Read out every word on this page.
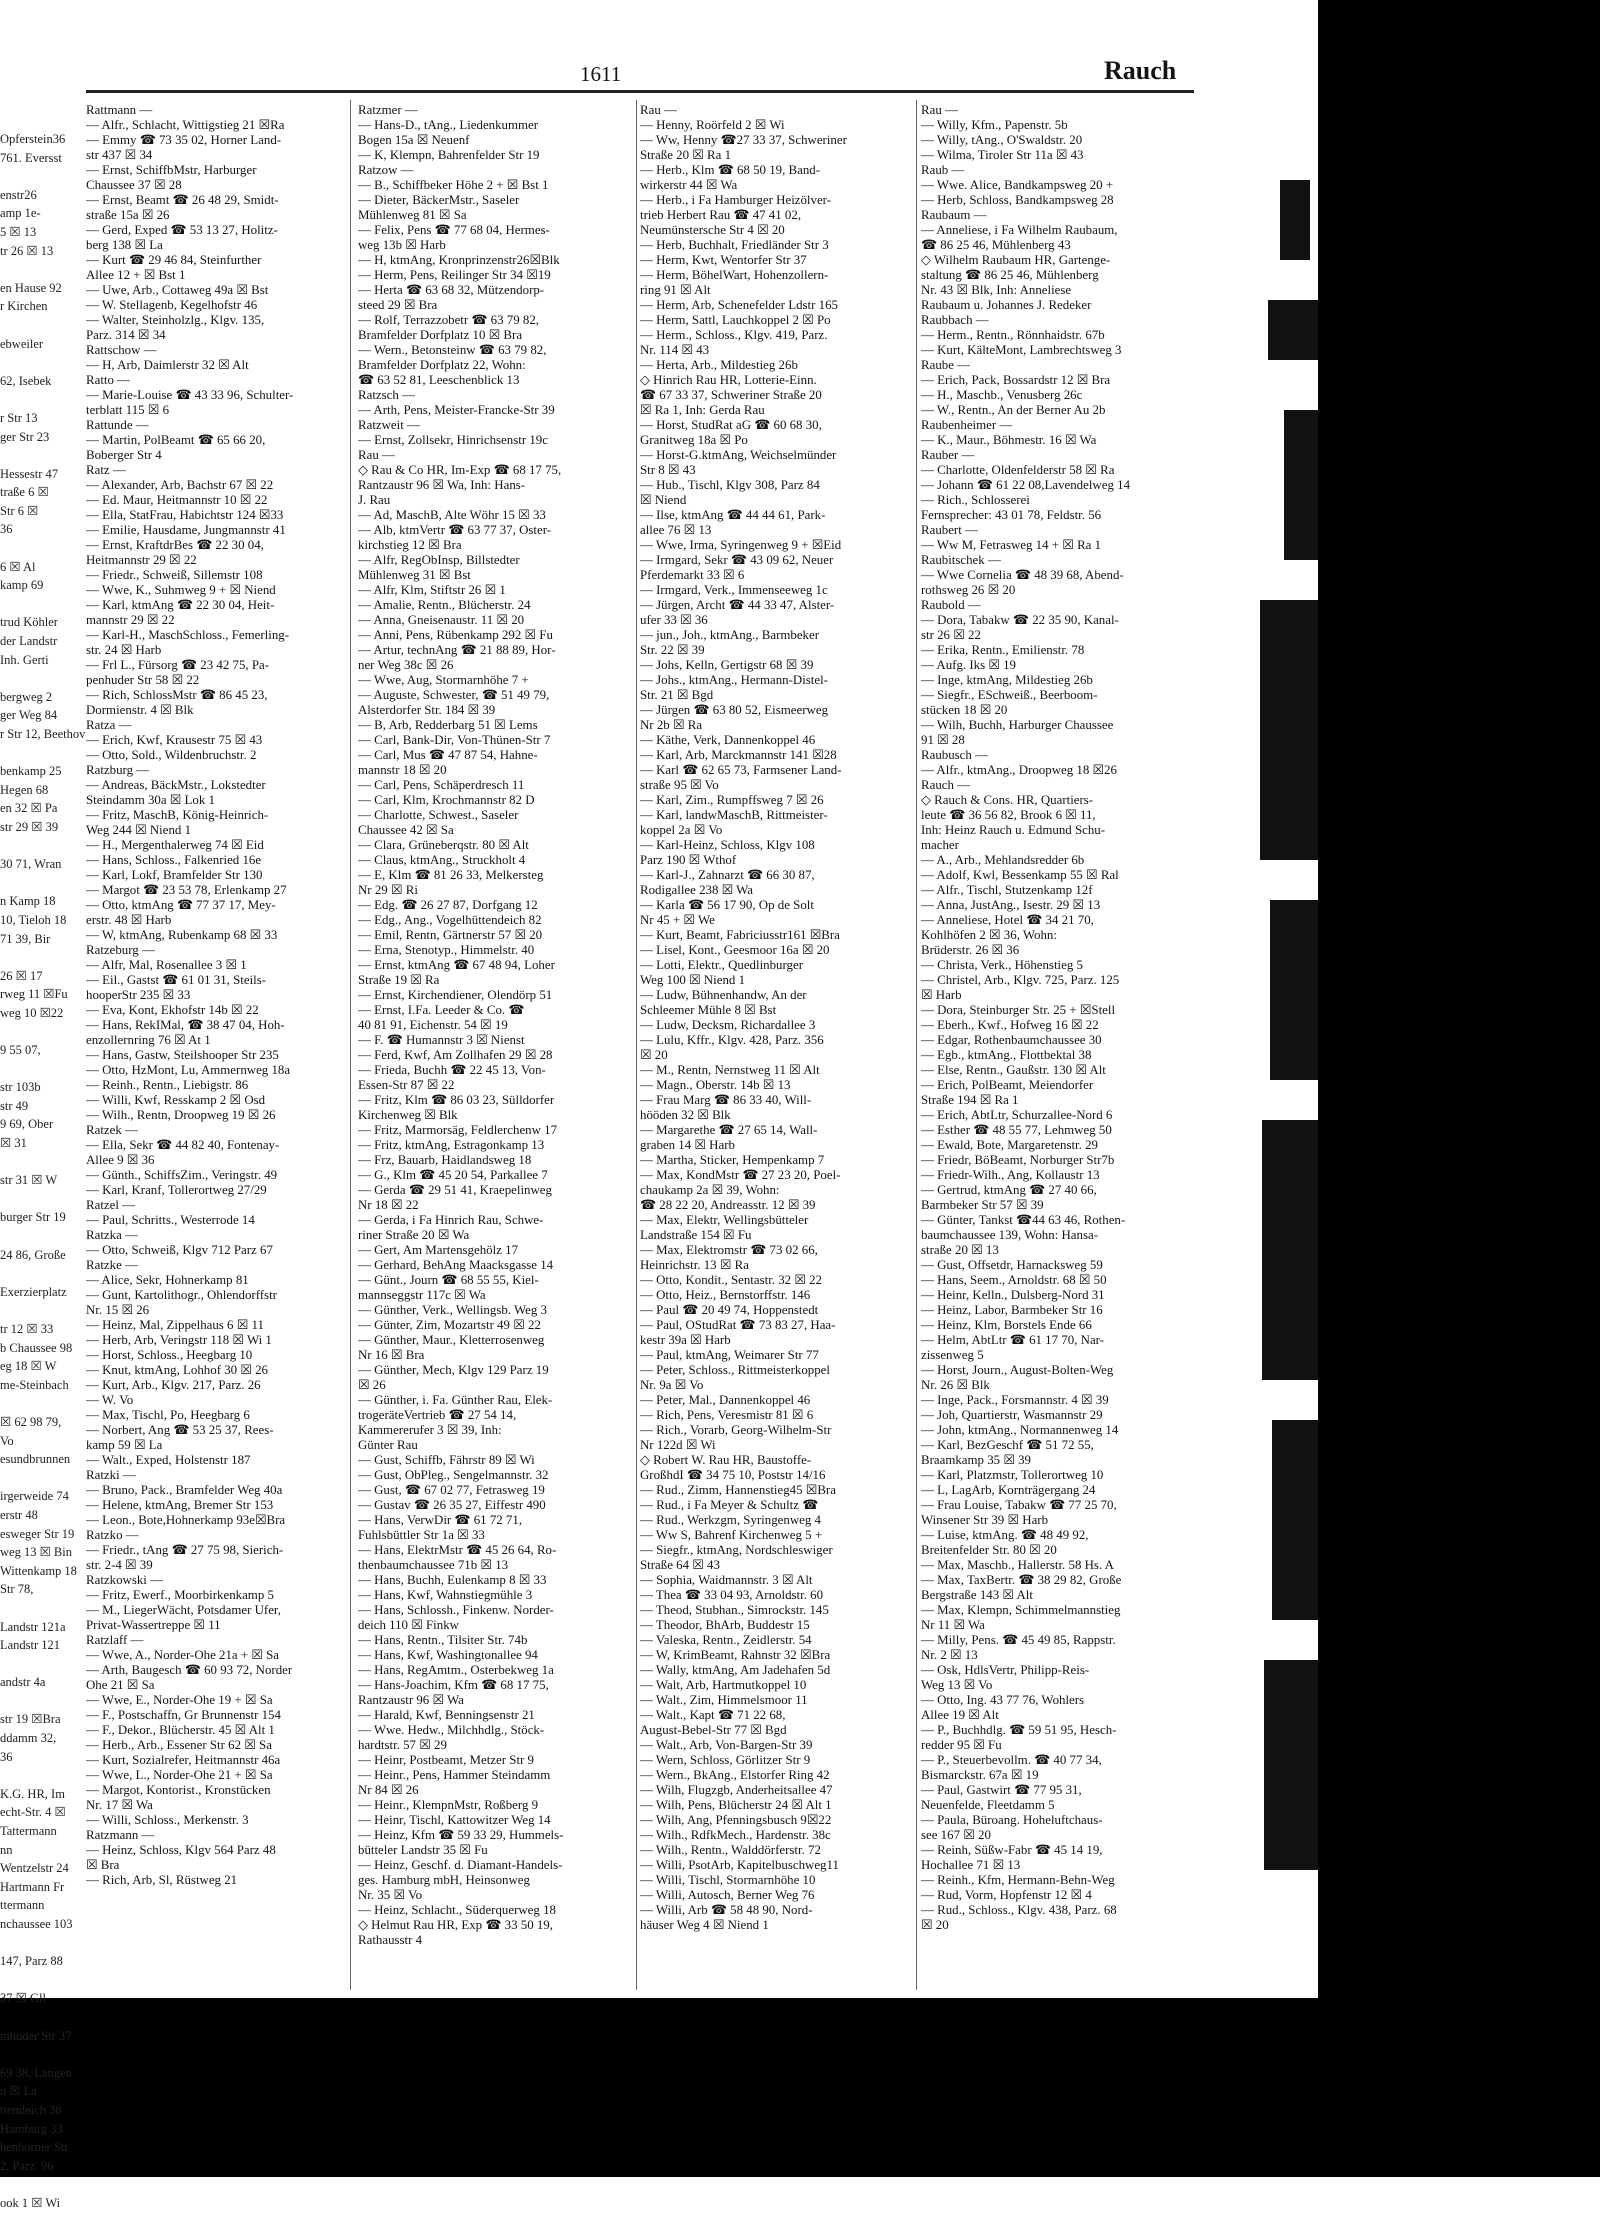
Opferstein36
761. Eversst

enstr26
amp 1e-
5 ☒ 13
tr 26 ☒ 13

en Hause 92
r Kirchen

ebweiler

62, Isebek

r Str 13
ger Str 23

Hessestr 47
traße 6 ☒
Str 6 ☒
36

6 ☒ Al
kamp 69

trud Köhler
der Landstr
Inh. Gerti

bergweg 2
ger Weg 84
r Str 12, Beethov

benkamp 25
Hegen 68
en 32 ☒ Pa
str 29 ☒ 39

30 71, Wran

n Kamp 18
10, Tieloh 18
71 39, Bir

26 ☒ 17
rweg 11 ☒Fu
weg 10 ☒22

9 55 07,

str 103b
str 49
9 69, Ober
☒ 31

str 31 ☒ W

burger Str 19

24 86, Große

Exerzierplatz

tr 12 ☒ 33
b Chaussee 98
eg 18 ☒ W
me-Steinbach

☒ 62 98 79,
Vo
esundbrunnen

irgerweide 74
erstr 48
esweger Str 19
weg 13 ☒ Bin
Wittenkamp 18
Str 78,

Landstr 121a
Landstr 121

andstr 4a

str 19 ☒Bra
ddamm 32,
36

K.G. HR, Im
echt-Str. 4 ☒
Tattermann
nn
Wentzelstr 24
Hartmann Fr
ttermann
nchaussee 103

147, Parz 88

37 ☒ Gll

mhuder Str 37

69 38, Langen
n ☒ La
ttendeich 38
Hamburg 33
henhorner Str
2, Parz. 96

ook 1 ☒ Wi
1611	Rauch
Rattmann —
— Alfr., Schlacht, Wittigstieg 21 ☒Ra
— Emmy ☎ 73 35 02, Horner Land-
str 437 ☒ 34
— Ernst, SchiffbMstr, Harburger
Chaussee 37 ☒ 28
— Ernst, Beamt ☎ 26 48 29, Smidt-
straße 15a ☒ 26
— Gerd, Exped ☎ 53 13 27, Holitz-
berg 138 ☒ La
— Kurt ☎ 29 46 84, Steinfurther
Allee 12 + ☒ Bst 1
— Uwe, Arb., Cottaweg 49a ☒ Bst
— W. Stellagenb, Kegelhofstr 46
— Walter, Steinholzlg., Klgv. 135,
Parz. 314 ☒ 34
Rattschow —
— H, Arb, Daimlerstr 32 ☒ Alt
Ratto —
— Marie-Louise ☎ 43 33 96, Schulter-
terblatt 115 ☒ 6
Rattunde —
— Martin, PolBeamt ☎ 65 66 20,
Boberger Str 4
Ratz —
— Alexander, Arb, Bachstr 67 ☒ 22
— Ed. Maur, Heitmannstr 10 ☒ 22
— Ella, StatFrau, Habichtstr 124 ☒33
— Emilie, Hausdame, Jungmannstr 41
— Ernst, KraftdrBes ☎ 22 30 04,
Heitmannstr 29 ☒ 22
— Friedr., Schweiß, Sillemstr 108
— Wwe, K., Suhmweg 9 + ☒ Niend
— Karl, ktmAng ☎ 22 30 04, Heit-
mannstr 29 ☒ 22
— Karl-H., MaschSchloss., Femerling-
str. 24 ☒ Harb
— Frl L., Fürsorg ☎ 23 42 75, Pa-
penhuder Str 58 ☒ 22
— Rich, SchlossMstr ☎ 86 45 23,
Dormienstr. 4 ☒ Blk
Ratza —
— Erich, Kwf, Krausestr 75 ☒ 43
— Otto, Sold., Wildenbruchstr. 2
Ratzburg —
— Andreas, BäckMstr., Lokstedter
Steindamm 30a ☒ Lok 1
— Fritz, MaschB, König-Heinrich-
Weg 244 ☒ Niend 1
— H., Mergenthalerweg 74 ☒ Eid
— Hans, Schloss., Falkenried 16e
— Karl, Lokf, Bramfelder Str 130
— Margot ☎ 23 53 78, Erlenkamp 27
— Otto, ktmAng ☎ 77 37 17, Mey-
erstr. 48 ☒ Harb
— W, ktmAng, Rubenkamp 68 ☒ 33
Ratzeburg —
— Alfr, Mal, Rosenallee 3 ☒ 1
— Eil., Gastst ☎ 61 01 31, Steils-
hooperStr 235 ☒ 33
— Eva, Kont, Ekhofstr 14b ☒ 22
— Hans, RekIMal, ☎ 38 47 04, Hoh-
enzollernring 76 ☒ At 1
— Hans, Gastw, Steilshooper Str 235
— Otto, HzMont, Lu, Ammernweg 18a
— Reinh., Rentn., Liebigstr. 86
— Willi, Kwf, Resskamp 2 ☒ Osd
— Wilh., Rentn, Droopweg 19 ☒ 26
Ratzek —
— Ella, Sekr ☎ 44 82 40, Fontenay-
Allee 9 ☒ 36
— Günth., SchiffsZim., Veringstr. 49
— Karl, Kranf, Tollerortweg 27/29
Ratzel —
— Paul, Schritts., Westerrode 14
Ratzka —
— Otto, Schweiß, Klgv 712 Parz 67
Ratzke —
— Alice, Sekr, Hohnerkamp 81
— Gunt, Kartolithogr., Ohlendorffstr
Nr. 15 ☒ 26
— Heinz, Mal, Zippelhaus 6 ☒ 11
— Herb, Arb, Veringstr 118 ☒ Wi 1
— Horst, Schloss., Heegbarg 10
— Knut, ktmAng, Lohhof 30 ☒ 26
— Kurt, Arb., Klgv. 217, Parz. 26
— W. Vo
— Max, Tischl, Po, Heegbarg 6
— Norbert, Ang ☎ 53 25 37, Rees-
kamp 59 ☒ La
— Walt., Exped, Holstenstr 187
Ratzki —
— Bruno, Pack., Bramfelder Weg 40a
— Helene, ktmAng, Bremer Str 153
— Leon., Bote,Hohnerkamp 93e☒Bra
Ratzko —
— Friedr., tAng ☎ 27 75 98, Sierich-
str. 2-4 ☒ 39
Ratzkowski —
— Fritz, Ewerf., Moorbirkenkamp 5
— M., LiegerWächt, Potsdamer Ufer,
Privat-Wassertreppe ☒ 11
Ratzlaff —
— Wwe, A., Norder-Ohe 21a + ☒ Sa
— Arth, Baugesch ☎ 60 93 72, Norder
Ohe 21 ☒ Sa
— Wwe, E., Norder-Ohe 19 + ☒ Sa
— F., Postschaffn, Gr Brunnenstr 154
— F., Dekor., Blücherstr. 45 ☒ Alt 1
— Herb., Arb., Essener Str 62 ☒ Sa
— Kurt, Sozialrefer, Heitmannstr 46a
— Wwe, L., Norder-Ohe 21 + ☒ Sa
— Margot, Kontorist., Kronstücken
Nr. 17 ☒ Wa
— Willi, Schloss., Merkenstr. 3
Ratzmann —
— Heinz, Schloss, Klgv 564 Parz 48
☒ Bra
— Rich, Arb, Sl, Rüstweg 21
Ratzmer —
— Hans-D., tAng., Liedenkummer
Bogen 15a ☒ Neuenf
— K, Klempn, Bahrenfelder Str 19
Ratzow —
— B., Schiffbeker Höhe 2 + ☒ Bst 1
— Dieter, BäckerMstr., Saseler
Mühlenweg 81 ☒ Sa
— Felix, Pens ☎ 77 68 04, Hermes-
weg 13b ☒ Harb
— H, ktmAng, Kronprinzenstr26☒Blk
— Herm, Pens, Reilinger Str 34 ☒19
— Herta ☎ 63 68 32, Mützendorp-
steed 29 ☒ Bra
— Rolf, Terrazzobetr ☎ 63 79 82,
Bramfelder Dorfplatz 10 ☒ Bra
— Wern., Betonsteinw ☎ 63 79 82,
Bramfelder Dorfplatz 22, Wohn:
☎ 63 52 81, Leeschenblick 13
Ratzsch —
— Arth, Pens, Meister-Francke-Str 39
Ratzweit —
— Ernst, Zollsekr, Hinrichsenstr 19c
Rau —
◇ Rau & Co HR, Im-Exp ☎ 68 17 75,
Rantzaustr 96 ☒ Wa, Inh: Hans-
J. Rau
— Ad, MaschB, Alte Wöhr 15 ☒ 33
— Alb, ktmVertr ☎ 63 77 37, Oster-
kirchstieg 12 ☒ Bra
— Alfr, RegObInsp, Billstedter
Mühlenweg 31 ☒ Bst
— Alfr, Klm, Stiftstr 26 ☒ 1
— Amalie, Rentn., Blücherstr. 24
— Anna, Gneisenaustr. 11 ☒ 20
— Anni, Pens, Rübenkamp 292 ☒ Fu
— Artur, technAng ☎ 21 88 89, Hor-
ner Weg 38c ☒ 26
— Wwe, Aug, Stormarnhöhe 7 +
— Auguste, Schwester, ☎ 51 49 79,
Alsterdorfer Str. 184 ☒ 39
— B, Arb, Redderbarg 51 ☒ Lems
— Carl, Bank-Dir, Von-Thünen-Str 7
— Carl, Mus ☎ 47 87 54, Hahne-
mannstr 18 ☒ 20
— Carl, Pens, Schäperdresch 11
— Carl, Klm, Krochmannstr 82 D
— Charlotte, Schwest., Saseler
Chaussee 42 ☒ Sa
— Clara, Grüneberqstr. 80 ☒ Alt
— Claus, ktmAng., Struckholt 4
— E, Klm ☎ 81 26 33, Melkersteg
Nr 29 ☒ Ri
— Edg. ☎ 26 27 87, Dorfgang 12
— Edg., Ang., Vogelhüttendeich 82
— Emil, Rentn, Gärtnerstr 57 ☒ 20
— Erna, Stenotyp., Himmelstr. 40
— Ernst, ktmAng ☎ 67 48 94, Loher
Straße 19 ☒ Ra
— Ernst, Kirchendiener, Olendörp 51
— Ernst, I.Fa. Leeder & Co. ☎
40 81 91, Eichenstr. 54 ☒ 19
— F. ☎ Humannstr 3 ☒ Nienst
— Ferd, Kwf, Am Zollhafen 29 ☒ 28
— Frieda, Buchh ☎ 22 45 13, Von-
Essen-Str 87 ☒ 22
— Fritz, Klm ☎ 86 03 23, Sülldorfer
Kirchenweg ☒ Blk
— Fritz, Marmorsäg, Feldlerchenw 17
— Fritz, ktmAng, Estragonkamp 13
— Frz, Bauarb, Haidlandsweg 18
— G., Klm ☎ 45 20 54, Parkallee 7
— Gerda ☎ 29 51 41, Kraepelinweg
Nr 18 ☒ 22
— Gerda, i Fa Hinrich Rau, Schwe-
riner Straße 20 ☒ Wa
— Gert, Am Martensgehölz 17
— Gerhard, BehAng Maacksgasse 14
— Günt., Journ ☎ 68 55 55, Kiel-
mannseggstr 117c ☒ Wa
— Günther, Verk., Wellingsb. Weg 3
— Günter, Zim, Mozartstr 49 ☒ 22
— Günther, Maur., Kletterrosenweg
Nr 16 ☒ Bra
— Günther, Mech, Klgv 129 Parz 19
☒ 26
— Günther, i. Fa. Günther Rau, Elek-
trogeräteVertrieb ☎ 27 54 14,
Kammererufer 3 ☒ 39, Inh:
Günter Rau
— Gust, Schiffb, Fährstr 89 ☒ Wi
— Gust, ObPleg., Sengelmannstr. 32
— Gust, ☎ 67 02 77, Fetrasweg 19
— Gustav ☎ 26 35 27, Eiffestr 490
— Hans, VerwDir ☎ 61 72 71,
Fuhlsbüttler Str 1a ☒ 33
— Hans, ElektrMstr ☎ 45 26 64, Ro-
thenbaumchaussee 71b ☒ 13
— Hans, Buchh, Eulenkamp 8 ☒ 33
— Hans, Kwf, Wahnstiegmühle 3
— Hans, Schlossh., Finkenw. Norder-
deich 110 ☒ Finkw
— Hans, Rentn., Tilsiter Str. 74b
— Hans, Kwf, Washingtonallee 94
— Hans, RegAmtm., Osterbekweg 1a
— Hans-Joachim, Kfm ☎ 68 17 75,
Rantzaustr 96 ☒ Wa
— Harald, Kwf, Benningsenstr 21
— Wwe. Hedw., Milchhdlg., Stöck-
hardtstr. 57 ☒ 29
— Heinr, Postbeamt, Metzer Str 9
— Heinr., Pens, Hammer Steindamm
Nr 84 ☒ 26
— Heinr., KlempnMstr, Roßberg 9
— Heinr, Tischl, Kattowitzer Weg 14
— Heinz, Kfm ☎ 59 33 29, Hummels-
bütteler Landstr 35 ☒ Fu
— Heinz, Geschf. d. Diamant-Handels-
ges. Hamburg mbH, Heinsonweg
Nr. 35 ☒ Vo
— Heinz, Schlacht., Süderquerweg 18
◇ Helmut Rau HR, Exp ☎ 33 50 19,
Rathausstr 4
Rau —
— Henny, Roörfeld 2 ☒ Wi
— Ww, Henny ☎27 33 37, Schweriner
Straße 20 ☒ Ra 1
— Herb., Klm ☎ 68 50 19, Band-
wirkerstr 44 ☒ Wa
— Herb., i Fa Hamburger Heizölver-
trieb Herbert Rau ☎ 47 41 02,
Neumünstersche Str 4 ☒ 20
— Herb, Buchhalt, Friedländer Str 3
— Herm, Kwt, Wentorfer Str 37
— Herm, BöhelWart, Hohenzollern-
ring 91 ☒ Alt
— Herm, Arb, Schenefelder Ldstr 165
— Herm, Sattl, Lauchkoppel 2 ☒ Po
— Herm., Schloss., Klgv. 419, Parz.
Nr. 114 ☒ 43
— Herta, Arb., Mildestieg 26b
◇ Hinrich Rau HR, Lotterie-Einn.
☎ 67 33 37, Schweriner Straße 20
☒ Ra 1, Inh: Gerda Rau
— Horst, StudRat aG ☎ 60 68 30,
Granitweg 18a ☒ Po
— Horst-G.ktmAng, Weichselmünder
Str 8 ☒ 43
— Hub., Tischl, Klgv 308, Parz 84
☒ Niend
— Ilse, ktmAng ☎ 44 44 61, Park-
allee 76 ☒ 13
— Wwe, Irma, Syringenweg 9 + ☒Eid
— Irmgard, Sekr ☎ 43 09 62, Neuer
Pferdemarkt 33 ☒ 6
— Irmgard, Verk., Immenseeweg 1c
— Jürgen, Archt ☎ 44 33 47, Alster-
ufer 33 ☒ 36
— jun., Joh., ktmAng., Barmbeker
Str. 22 ☒ 39
— Johs, Kelln, Gertigstr 68 ☒ 39
— Johs., ktmAng., Hermann-Distel-
Str. 21 ☒ Bgd
— Jürgen ☎ 63 80 52, Eismeerweg
Nr 2b ☒ Ra
— Käthe, Verk, Dannenkoppel 46
— Karl, Arb, Marckmannstr 141 ☒28
— Karl ☎ 62 65 73, Farmsener Land-
straße 95 ☒ Vo
— Karl, Zim., Rumpffsweg 7 ☒ 26
— Karl, landwMaschB, Rittmeister-
koppel 2a ☒ Vo
— Karl-Heinz, Schloss, Klgv 108
Parz 190 ☒ Wthof
— Karl-J., Zahnarzt ☎ 66 30 87,
Rodigallee 238 ☒ Wa
— Karla ☎ 56 17 90, Op de Solt
Nr 45 + ☒ We
— Kurt, Beamt, Fabriciusstr161 ☒Bra
— Lisel, Kont., Geesmoor 16a ☒ 20
— Lotti, Elektr., Quedlinburger
Weg 100 ☒ Niend 1
— Ludw, Bühnenhandw, An der
Schleemer Mühle 8 ☒ Bst
— Ludw, Decksm, Richardallee 3
— Lulu, Kffr., Klgv. 428, Parz. 356
☒ 20
— M., Rentn, Nernstweg 11 ☒ Alt
— Magn., Oberstr. 14b ☒ 13
— Frau Marg ☎ 86 33 40, Will-
hööden 32 ☒ Blk
— Margarethe ☎ 27 65 14, Wall-
graben 14 ☒ Harb
— Martha, Sticker, Hempenkamp 7
— Max, KondMstr ☎ 27 23 20, Poel-
chaukamp 2a ☒ 39, Wohn:
☎ 28 22 20, Andreasstr. 12 ☒ 39
— Max, Elektr, Wellingsbütteler
Landstraße 154 ☒ Fu
— Max, Elektromstr ☎ 73 02 66,
Heinrichstr. 13 ☒ Ra
— Otto, Kondit., Sentastr. 32 ☒ 22
— Otto, Heiz., Bernstorffstr. 146
— Paul ☎ 20 49 74, Hoppenstedt
— Paul, OStudRat ☎ 73 83 27, Haa-
kestr 39a ☒ Harb
— Paul, ktmAng, Weimarer Str 77
— Peter, Schloss., Rittmeisterkoppel
Nr. 9a ☒ Vo
— Peter, Mal., Dannenkoppel 46
— Rich, Pens, Veresmistr 81 ☒ 6
— Rich., Vorarb, Georg-Wilhelm-Str
Nr 122d ☒ Wi
◇ Robert W. Rau HR, Baustoffe-
GroßhdI ☎ 34 75 10, Poststr 14/16
— Rud., Zimm, Hannenstieg45 ☒Bra
— Rud., i Fa Meyer & Schultz ☎
— Rud., Werkzgm, Syringenweg 4
— Ww S, Bahrenf Kirchenweg 5 +
— Siegfr., ktmAng, Nordschleswiger
Straße 64 ☒ 43
— Sophia, Waidmannstr. 3 ☒ Alt
— Thea ☎ 33 04 93, Arnoldstr. 60
— Theod, Stubhan., Simrockstr. 145
— Theodor, BhArb, Buddestr 15
— Valeska, Rentn., Zeidlerstr. 54
— W, KrimBeamt, Rahnstr 32 ☒Bra
— Wally, ktmAng, Am Jadehafen 5d
— Walt, Arb, Hartmutkoppel 10
— Walt., Zim, Himmelsmoor 11
— Walt., Kapt ☎ 71 22 68,
August-Bebel-Str 77 ☒ Bgd
— Walt., Arb, Von-Bargen-Str 39
— Wern, Schloss, Görlitzer Str 9
— Wern., BkAng., Elstorfer Ring 42
— Wilh, Flugzgb, Anderheitsallee 47
— Wilh, Pens, Blücherstr 24 ☒ Alt 1
— Wilh, Ang, Pfenningsbusch 9☒22
— Wilh., RdfkMech., Hardenstr. 38c
— Wilh., Rentn., Walddörferstr. 72
— Willi, PsotArb, Kapitelbuschweg11
— Willi, Tischl, Stormarnhöhe 10
— Willi, Autosch, Berner Weg 76
— Willi, Arb ☎ 58 48 90, Nord-
häuser Weg 4 ☒ Niend 1
Rau —
— Willy, Kfm., Papenstr. 5b
— Willy, tAng., O'Swaldstr. 20
— Wilma, Tiroler Str 11a ☒ 43
Raub —
— Wwe. Alice, Bandkampsweg 20 +
— Herb, Schloss, Bandkampsweg 28
Raubaum —
— Anneliese, i Fa Wilhelm Raubaum,
☎ 86 25 46, Mühlenberg 43
◇ Wilhelm Raubaum HR, Gartenge-
staltung ☎ 86 25 46, Mühlenberg
Nr. 43 ☒ Blk, Inh: Anneliese
Raubaum u. Johannes J. Redeker
Raubbach —
— Herm., Rentn., Rönnhaidstr. 67b
— Kurt, KälteMont, Lambrechtsweg 3
Raube —
— Erich, Pack, Bossardstr 12 ☒ Bra
— H., Maschb., Venusberg 26c
— W., Rentn., An der Berner Au 2b
Raubenheimer —
— K., Maur., Böhmestr. 16 ☒ Wa
Rauber —
— Charlotte, Oldenfelderstr 58 ☒ Ra
— Johann ☎ 61 22 08,Lavendelweg 14
— Rich., Schlosserei
Fernsprecher: 43 01 78, Feldstr. 56
Raubert —
— Ww M, Fetrasweg 14 + ☒ Ra 1
Raubitschek —
— Wwe Cornelia ☎ 48 39 68, Abend-
rothsweg 26 ☒ 20
Raubold —
— Dora, Tabakw ☎ 22 35 90, Kanal-
str 26 ☒ 22
— Erika, Rentn., Emilienstr. 78
— Aufg. Iks ☒ 19
— Inge, ktmAng, Mildestieg 26b
— Siegfr., ESchweiß., Beerboom-
stücken 18 ☒ 20
— Wilh, Buchh, Harburger Chaussee
91 ☒ 28
Raubusch —
— Alfr., ktmAng., Droopweg 18 ☒26
Rauch —
◇ Rauch & Cons. HR, Quartiers-
leute ☎ 36 56 82, Brook 6 ☒ 11,
Inh: Heinz Rauch u. Edmund Schu-
macher
— A., Arb., Mehlandsredder 6b
— Adolf, Kwl, Bessenkamp 55 ☒ Ral
— Alfr., Tischl, Stutzenkamp 12f
— Anna, JustAng., Isestr. 29 ☒ 13
— Anneliese, Hotel ☎ 34 21 70,
Kohlhöfen 2 ☒ 36, Wohn:
Brüderstr. 26 ☒ 36
— Christa, Verk., Höhenstieg 5
— Christel, Arb., Klgv. 725, Parz. 125
☒ Harb
— Dora, Steinburger Str. 25 + ☒Stell
— Eberh., Kwf., Hofweg 16 ☒ 22
— Edgar, Rothenbaumchaussee 30
— Egb., ktmAng., Flottbektal 38
— Else, Rentn., Gaußstr. 130 ☒ Alt
— Erich, PolBeamt, Meiendorfer
Straße 194 ☒ Ra 1
— Erich, AbtLtr, Schurzallee-Nord 6
— Esther ☎ 48 55 77, Lehmweg 50
— Ewald, Bote, Margaretenstr. 29
— Friedr, BöBeamt, Norburger Str7b
— Friedr-Wilh., Ang, Kollaustr 13
— Gertrud, ktmAng ☎ 27 40 66,
Barmbeker Str 57 ☒ 39
— Günter, Tankst ☎44 63 46, Rothen-
baumchaussee 139, Wohn: Hansa-
straße 20 ☒ 13
— Gust, Offsetdr, Harnacksweg 59
— Hans, Seem., Arnoldstr. 68 ☒ 50
— Heinr, Kelln., Dulsberg-Nord 31
— Heinz, Labor, Barmbeker Str 16
— Heinz, Klm, Borstels Ende 66
— Helm, AbtLtr ☎ 61 17 70, Nar-
zissenweg 5
— Horst, Journ., August-Bolten-Weg
Nr. 26 ☒ Blk
— Inge, Pack., Forsmannstr. 4 ☒ 39
— Joh, Quartierstr, Wasmannstr 29
— John, ktmAng., Normannenweg 14
— Karl, BezGeschf ☎ 51 72 55,
Braamkamp 35 ☒ 39
— Karl, Platzmstr, Tollerortweg 10
— L, LagArb, Kornträgergang 24
— Frau Louise, Tabakw ☎ 77 25 70,
Winsener Str 39 ☒ Harb
— Luise, ktmAng. ☎ 48 49 92,
Breitenfelder Str. 80 ☒ 20
— Max, Maschb., Hallerstr. 58 Hs. A
— Max, TaxBertr. ☎ 38 29 82, Große
Bergstraße 143 ☒ Alt
— Max, Klempn, Schimmelmannstieg
Nr 11 ☒ Wa
— Milly, Pens. ☎ 45 49 85, Rappstr.
Nr. 2 ☒ 13
— Osk, HdlsVertr, Philipp-Reis-
Weg 13 ☒ Vo
— Otto, Ing. 43 77 76, Wohlers
Allee 19 ☒ Alt
— P., Buchhdlg. ☎ 59 51 95, Hesch-
redder 95 ☒ Fu
— P., Steuerbevollm. ☎ 40 77 34,
Bismarckstr. 67a ☒ 19
— Paul, Gastwirt ☎ 77 95 31,
Neuenfelde, Fleetdamm 5
— Paula, Büroang. Hoheluftchaus-
see 167 ☒ 20
— Reinh, Süßw-Fabr ☎ 45 14 19,
Hochallee 71 ☒ 13
— Reinh., Kfm, Hermann-Behn-Weg
— Rud, Vorm, Hopfenstr 12 ☒ 4
— Rud., Schloss., Klgv. 438, Parz. 68
☒ 20
